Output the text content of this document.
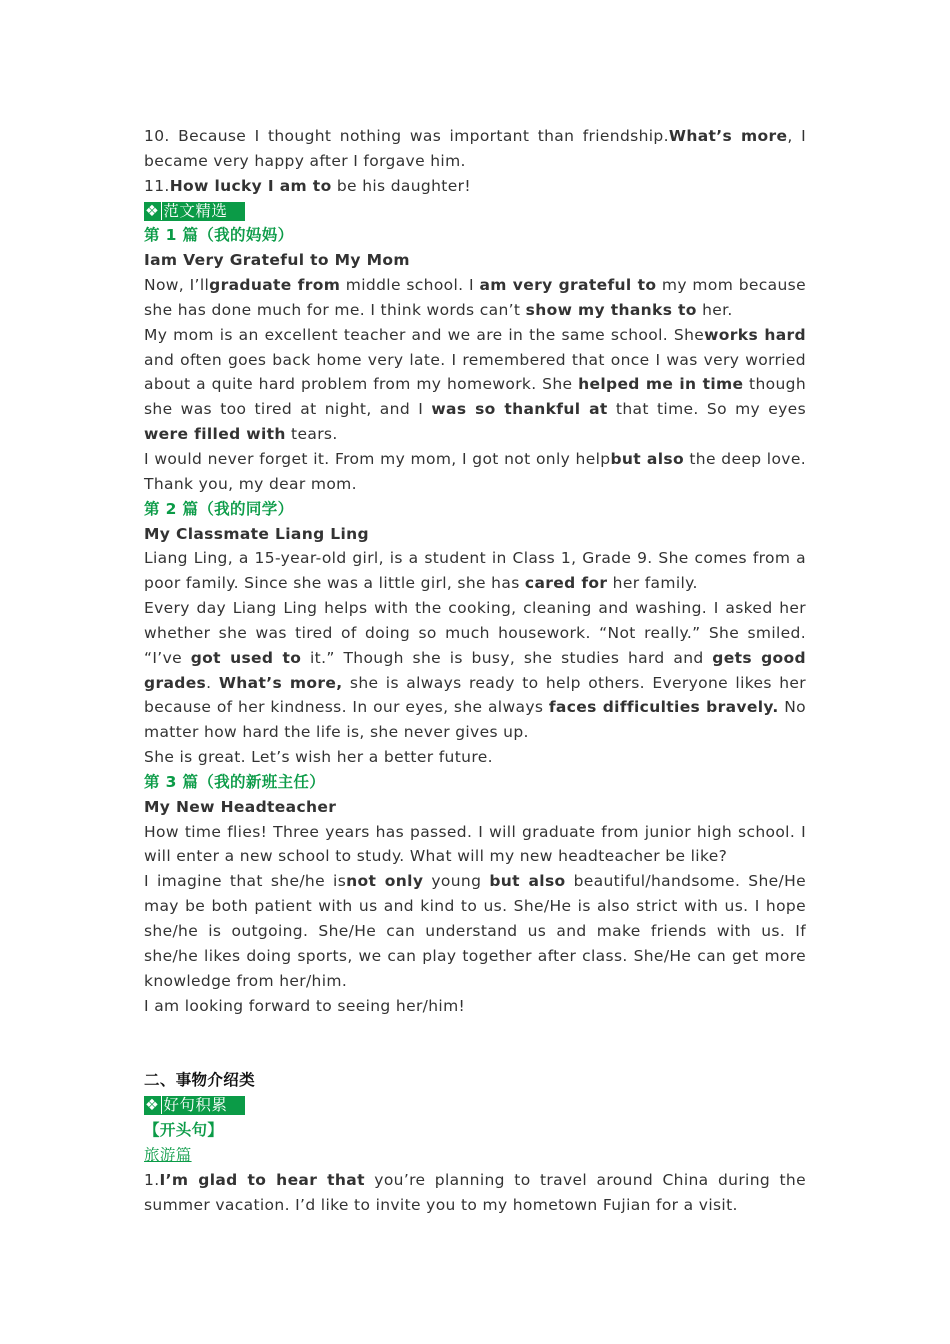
10. Because I thought nothing was important than friendship.What’s more, I became very happy after I forgave him.

11.How lucky I am to be his daughter!

❖ 范文精选

第 1 篇（我的妈妈）

Iam Very Grateful to My Mom

Now, I’llgraduate from middle school. I am very grateful to my mom because she has done much for me. I think words can’t show my thanks to her.

My mom is an excellent teacher and we are in the same school. Sheworks hard and often goes back home very late. I remembered that once I was very worried about a quite hard problem from my homework. She helped me in time though she was too tired at night, and I was so thankful at that time. So my eyes were filled with tears.

I would never forget it. From my mom, I got not only helpbut also the deep love. Thank you, my dear mom.

第 2 篇（我的同学）

My Classmate Liang Ling

Liang Ling, a 15-year-old girl, is a student in Class 1, Grade 9. She comes from a poor family. Since she was a little girl, she has cared for her family.

Every day Liang Ling helps with the cooking, cleaning and washing. I asked her whether she was tired of doing so much housework. “Not really.” She smiled. “I’ve got used to it.” Though she is busy, she studies hard and gets good grades. What’s more, she is always ready to help others. Everyone likes her because of her kindness. In our eyes, she always faces difficulties bravely. No matter how hard the life is, she never gives up.

She is great. Let’s wish her a better future.

第 3 篇（我的新班主任）

My New Headteacher

How time flies! Three years has passed. I will graduate from junior high school. I will enter a new school to study. What will my new headteacher be like?

I imagine that she/he isnot only young but also beautiful/handsome. She/He may be both patient with us and kind to us. She/He is also strict with us. I hope she/he is outgoing. She/He can understand us and make friends with us. If she/he likes doing sports, we can play together after class. She/He can get more knowledge from her/him.

I am looking forward to seeing her/him!

二、事物介绍类

❖ 好句积累

【开头句】

旅游篇

1.I’m glad to hear that you’re planning to travel around China during the summer vacation. I’d like to invite you to my hometown Fujian for a visit.
